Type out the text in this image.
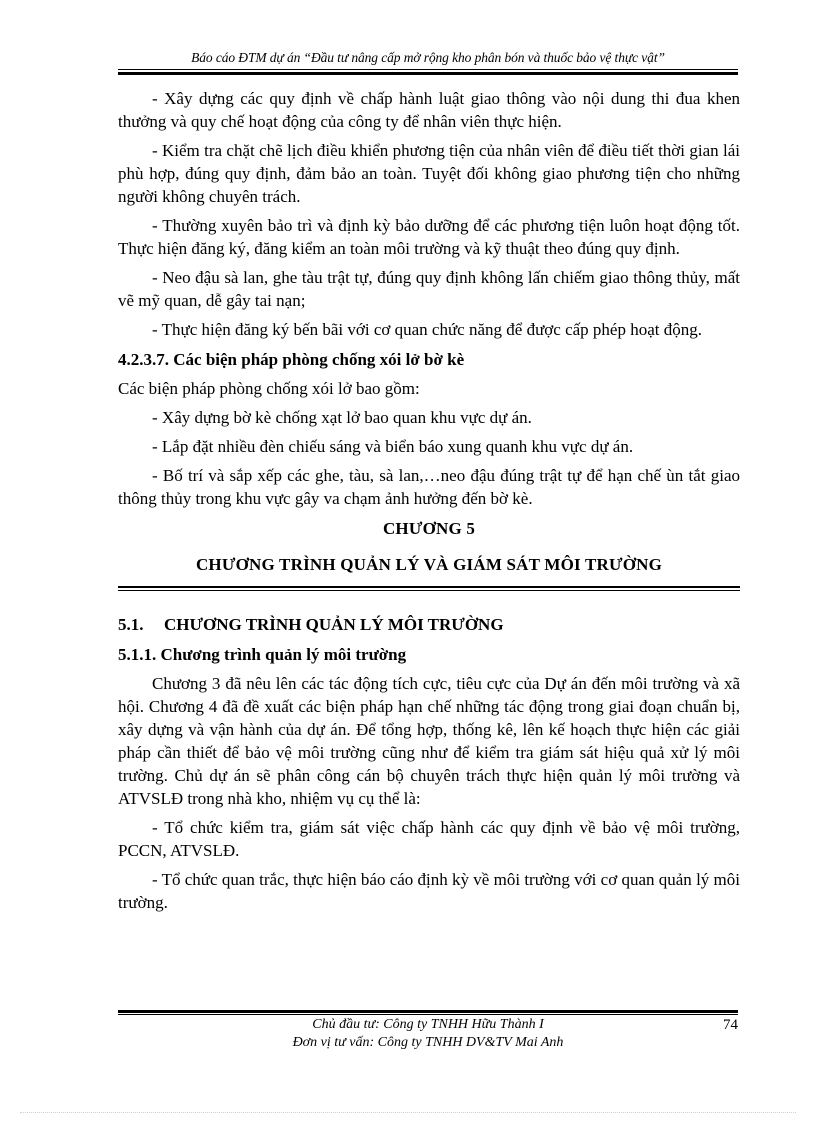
Báo cáo ĐTM dự án “Đầu tư nâng cấp mở rộng kho phân bón và thuốc bảo vệ thực vật”

- Xây dựng các quy định về chấp hành luật giao thông vào nội dung thi đua khen thưởng và quy chế hoạt động của công ty để nhân viên thực hiện.

- Kiểm tra chặt chẽ lịch điều khiển phương tiện của nhân viên để điều tiết thời gian lái phù hợp, đúng quy định, đảm bảo an toàn. Tuyệt đối không giao phương tiện cho những người không chuyên trách.

- Thường xuyên bảo trì và định kỳ bảo dưỡng để các phương tiện luôn hoạt động tốt. Thực hiện đăng ký, đăng kiểm an toàn môi trường và kỹ thuật theo đúng quy định.

- Neo đậu sà lan, ghe tàu trật tự, đúng quy định không lấn chiếm giao thông thủy, mất vẽ mỹ quan, dễ gây tai nạn;

- Thực hiện đăng ký bến bãi với cơ quan chức năng để được cấp phép hoạt động.

4.2.3.7. Các biện pháp phòng chống xói lở bờ kè

Các biện pháp phòng chống xói lở bao gồm:

- Xây dựng bờ kè chống xạt lở bao quan khu vực dự án.

- Lắp đặt nhiều đèn chiếu sáng và biển báo xung quanh khu vực dự án.

- Bố trí và sắp xếp các ghe, tàu, sà lan,…neo đậu đúng trật tự để hạn chế ùn tắt giao thông thủy trong khu vực gây va chạm ảnh hưởng đến bờ kè.

CHƯƠNG 5

CHƯƠNG TRÌNH QUẢN LÝ VÀ GIÁM SÁT MÔI TRƯỜNG

5.1. CHƯƠNG TRÌNH QUẢN LÝ MÔI TRƯỜNG

5.1.1. Chương trình quản lý môi trường

Chương 3 đã nêu lên các tác động tích cực, tiêu cực của Dự án đến môi trường và xã hội. Chương 4 đã đề xuất các biện pháp hạn chế những tác động trong giai đoạn chuẩn bị, xây dựng và vận hành của dự án. Để tổng hợp, thống kê, lên kế hoạch thực hiện các giải pháp cần thiết để bảo vệ môi trường cũng như để kiểm tra giám sát hiệu quả xử lý môi trường. Chủ dự án sẽ phân công cán bộ chuyên trách thực hiện quản lý môi trường và ATVSLĐ trong nhà kho, nhiệm vụ cụ thể là:

- Tổ chức kiểm tra, giám sát việc chấp hành các quy định về bảo vệ môi trường, PCCN, ATVSLĐ.

- Tổ chức quan trắc, thực hiện báo cáo định kỳ về môi trường với cơ quan quản lý môi trường.

Chủ đầu tư: Công ty TNHH Hữu Thành I
Đơn vị tư vấn: Công ty TNHH DV&TV Mai Anh
74
